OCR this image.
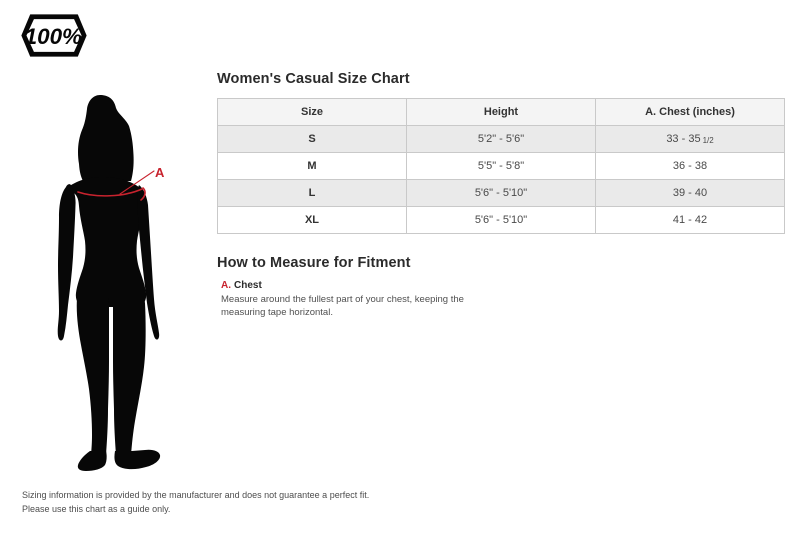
100%
A
Women's Casual Size Chart
Size	Height	A. Chest (inches)
S	5'2" - 5'6"	33 - 35 1/2
M	5'5" - 5'8"	36 - 38
L	5'6" - 5'10"	39 - 40
XL	5'6" - 5'10"	41 - 42
How to Measure for Fitment
A. Chest
Measure around the fullest part of your chest, keeping the measuring tape horizontal.
Sizing information is provided by the manufacturer and does not guarantee a perfect fit.
Please use this chart as a guide only.
